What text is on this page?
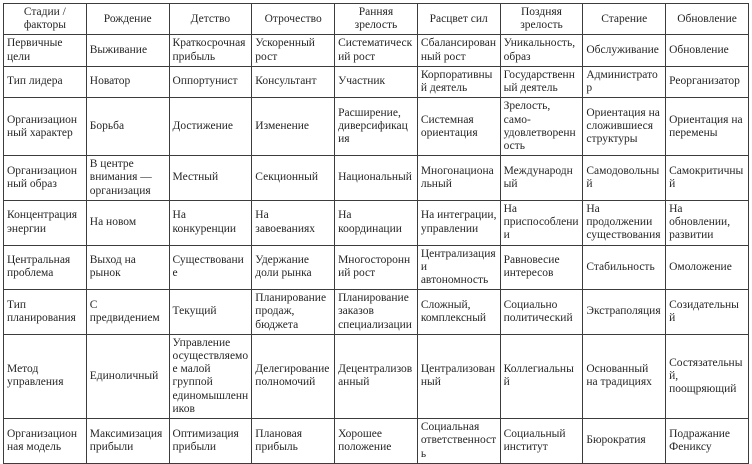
Стадии / факторы	Рождение	Детство	Отрочество	Ранняя зрелость	Расцвет сил	Поздняя зрелость	Старение	Обновление
Первичные цели	Выживание	Краткосрочная прибыль	Ускоренный рост	Систематический рост	Сбалансированный рост	Уникальность, образ	Обслуживание	Обновление
Тип лидера	Новатор	Оппортунист	Консультант	Участник	Корпоративный деятель	Государственный деятель	Администратор	Реорганизатор
Организационный характер	Борьба	Достижение	Изменение	Расширение, диверсификация	Системная ориентация	Зрелость, само-удовлетворенность	Ориентация на сложившиеся структуры	Ориентация на перемены
Организационный образ	В центре внимания — организация	Местный	Секционный	Национальный	Многонациональный	Международный	Самодовольный	Самокритичный
Концентрация энергии	На новом	На конкуренции	На завоеваниях	На координации	На интеграции, управлении	На приспособлении	На продолжении существования	На обновлении, развитии
Центральная проблема	Выход на рынок	Существование	Удержание доли рынка	Многосторонний рост	Централизация и автономность	Равновесие интересов	Стабильность	Омоложение
Тип планирования	С предвидением	Текущий	Планирование продаж, бюджета	Планирование заказов специализации	Сложный, комплексный	Социально политический	Экстраполяция	Созидательный
Метод управления	Единоличный	Управление осуществляемое малой группой единомышленников	Делегирование полномочий	Децентрализованный	Централизованный	Коллегиальный	Основанный на традициях	Состязательный, поощряющий
Организационная модель	Максимизация прибыли	Оптимизация прибыли	Плановая прибыль	Хорошее положение	Социальная ответственность	Социальный институт	Бюрократия	Подражание Фениксу
